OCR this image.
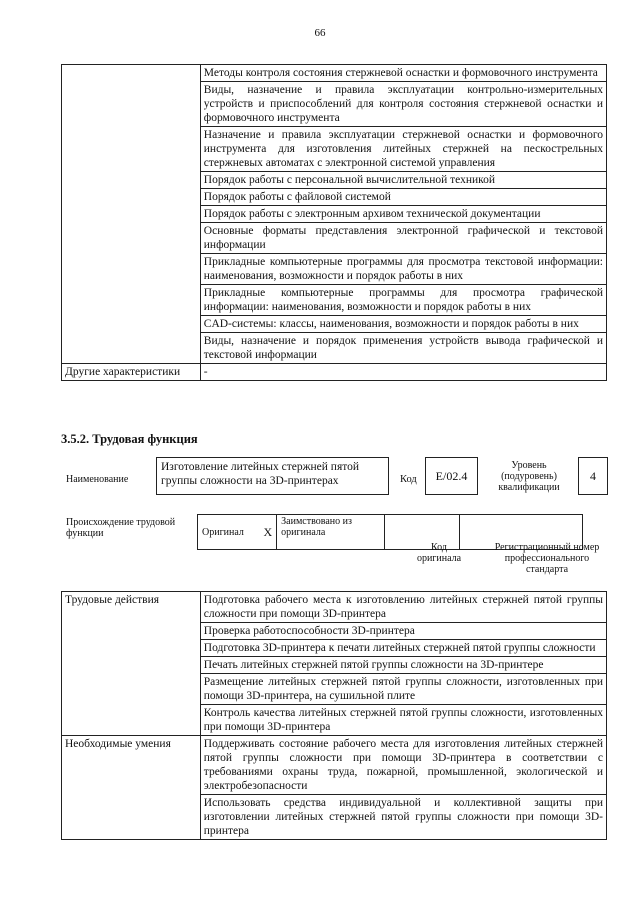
66
	Методы контроля состояния стержневой оснастки и формовочного инструмента
	Виды, назначение и правила эксплуатации контрольно-измерительных устройств и приспособлений для контроля состояния стержневой оснастки и формовочного инструмента
	Назначение и правила эксплуатации стержневой оснастки и формовочного инструмента для изготовления литейных стержней на пескострельных стержневых автоматах с электронной системой управления
	Порядок работы с персональной вычислительной техникой
	Порядок работы с файловой системой
	Порядок работы с электронным архивом технической документации
	Основные форматы представления электронной графической и текстовой информации
	Прикладные компьютерные программы для просмотра текстовой информации: наименования, возможности и порядок работы в них
	Прикладные компьютерные программы для просмотра графической информации: наименования, возможности и порядок работы в них
	CAD-системы: классы, наименования, возможности и порядок работы в них
	Виды, назначение и порядок применения устройств вывода графической и текстовой информации
Другие характеристики	-
3.5.2. Трудовая функция
Наименование
Изготовление литейных стержней пятой группы сложности на 3D-принтерах	Код	E/02.4
Уровень (подуровень) квалификации
4
Происхождение трудовой функции	Оригинал	X	Заимствовано из оригинала		
Код оригинала
Регистрационный номер профессионального стандарта
Трудовые действия	Подготовка рабочего места к изготовлению литейных стержней пятой группы сложности при помощи 3D-принтера
	Проверка работоспособности 3D-принтера
	Подготовка 3D-принтера к печати литейных стержней пятой группы сложности
	Печать литейных стержней пятой группы сложности на 3D-принтере
	Размещение литейных стержней пятой группы сложности, изготовленных при помощи 3D-принтера, на сушильной плите
	Контроль качества литейных стержней пятой группы сложности, изготовленных при помощи 3D-принтера
Необходимые умения	Поддерживать состояние рабочего места для изготовления литейных стержней пятой группы сложности при помощи 3D-принтера в соответствии с требованиями охраны труда, пожарной, промышленной, экологической и электробезопасности
	Использовать средства индивидуальной и коллективной защиты при изготовлении литейных стержней пятой группы сложности при помощи 3D-принтера
